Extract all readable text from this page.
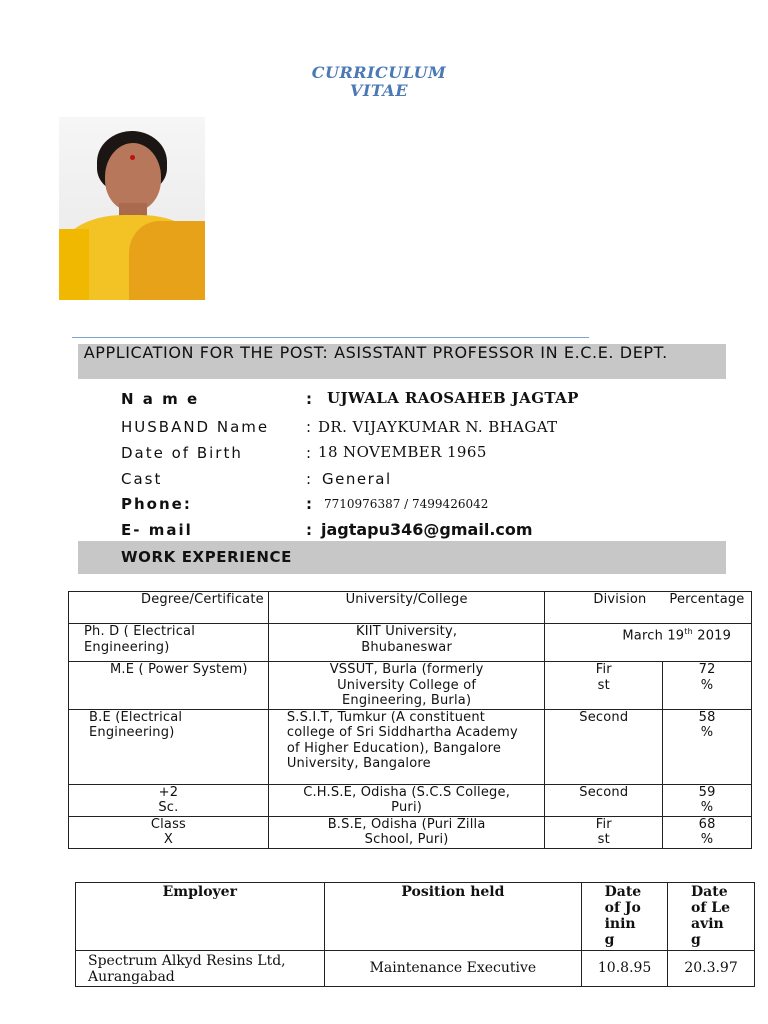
CURRICULUM
VITAE
APPLICATION FOR THE POST: ASISSTANT PROFESSOR IN E.C.E. DEPT.
N a m e	: UJWALA RAOSAHEB JAGTAP
HUSBAND Name : DR. VIJAYKUMAR N. BHAGAT
Date of Birth	: 18 NOVEMBER 1965
Cast	: General
Phone:	: 7710976387 / 7499426042
E- mail	: jagtapu346@gmail.com
WORK EXPERIENCE
Degree/Certificate	University/College	Division Percentage	

Ph. D ( Electrical Engineering)	KIIT University, Bhubaneswar	March 19th 2019	
M.E ( Power System)	VSSUT, Burla (formerly University College of Engineering, Burla)	Fir st	72 %

B.E (Electrical Engineering)	S.S.I.T, Tumkur (A constituent college of Sri Siddhartha Academy of Higher Education), Bangalore University, Bangalore	Second	58 %

+2 Sc.	C.H.S.E, Odisha (S.C.S College, Puri)	Second	59 %

Class X	B.S.E, Odisha (Puri Zilla School, Puri)	Fir st	68 %
Employer	Position held	Date of Joining	Date of Leaving

Spectrum Alkyd Resins Ltd, Aurangabad	Maintenance Executive	10.8.95	20.3.97
